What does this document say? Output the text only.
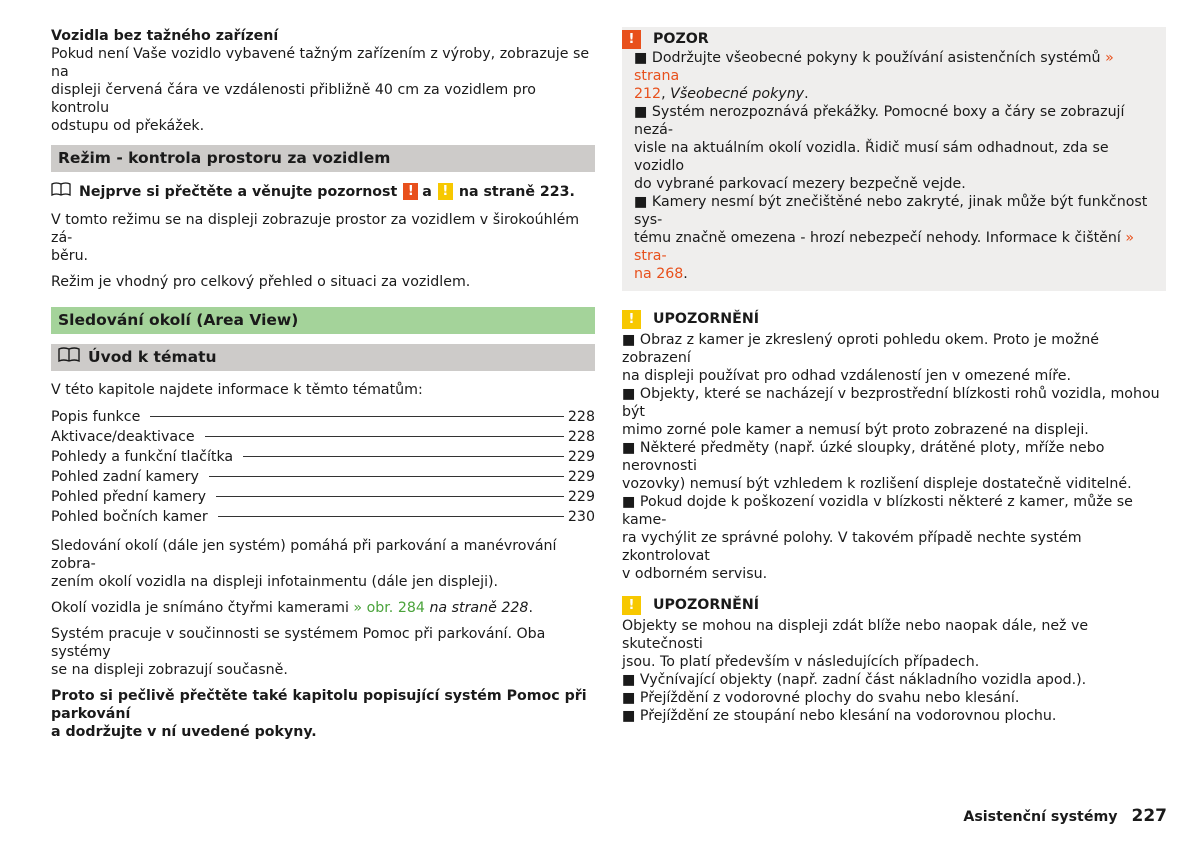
Vozidla bez tažného zařízení

Pokud není Vaše vozidlo vybavené tažným zařízením z výroby, zobrazuje se na

displeji červená čára ve vzdálenosti přibližně 40 cm za vozidlem pro kontrolu

odstupu od překážek.

Režim - kontrola prostoru za vozidlem

Nejprve si přečtěte a věnujte pozornost ! a ! na straně 223.

V tomto režimu se na displeji zobrazuje prostor za vozidlem v širokoúhlém zá-

běru.

Režim je vhodný pro celkový přehled o situaci za vozidlem.

Sledování okolí (Area View)
Úvod k tématu

V této kapitole najdete informace k těmto tématům:

Popis funkce	228
Aktivace/deaktivace	228
Pohledy a funkční tlačítka	229
Pohled zadní kamery	229
Pohled přední kamery	229
Pohled bočních kamer	230

Sledování okolí (dále jen systém) pomáhá při parkování a manévrování zobra-

zením okolí vozidla na displeji infotainmentu (dále jen displeji).

Okolí vozidla je snímáno čtyřmi kamerami » obr. 284 na straně 228.

Systém pracuje v součinnosti se systémem Pomoc při parkování. Oba systémy

se na displeji zobrazují současně.

Proto si pečlivě přečtěte také kapitolu popisující systém Pomoc při parkování

a dodržujte v ní uvedené pokyny.

!	POZOR

■ Dodržujte všeobecné pokyny k používání asistenčních systémů » strana

212, Všeobecné pokyny.

■ Systém nerozpoznává překážky. Pomocné boxy a čáry se zobrazují nezá-

visle na aktuálním okolí vozidla. Řidič musí sám odhadnout, zda se vozidlo

do vybrané parkovací mezery bezpečně vejde.

■ Kamery nesmí být znečištěné nebo zakryté, jinak může být funkčnost sys-

tému značně omezena - hrozí nebezpečí nehody. Informace k čištění » stra-

na 268.

!	UPOZORNĚNÍ

■ Obraz z kamer je zkreslený oproti pohledu okem. Proto je možné zobrazení

na displeji používat pro odhad vzdáleností jen v omezené míře.

■ Objekty, které se nacházejí v bezprostřední blízkosti rohů vozidla, mohou být

mimo zorné pole kamer a nemusí být proto zobrazené na displeji.

■ Některé předměty (např. úzké sloupky, drátěné ploty, mříže nebo nerovnosti

vozovky) nemusí být vzhledem k rozlišení displeje dostatečně viditelné.

■ Pokud dojde k poškození vozidla v blízkosti některé z kamer, může se kame-

ra vychýlit ze správné polohy. V takovém případě nechte systém zkontrolovat

v odborném servisu.

!	UPOZORNĚNÍ

Objekty se mohou na displeji zdát blíže nebo naopak dále, než ve skutečnosti

jsou. To platí především v následujících případech.

■ Vyčnívající objekty (např. zadní část nákladního vozidla apod.).

■ Přejíždění z vodorovné plochy do svahu nebo klesání.

■ Přejíždění ze stoupání nebo klesání na vodorovnou plochu.

Asistenční systémy 227
